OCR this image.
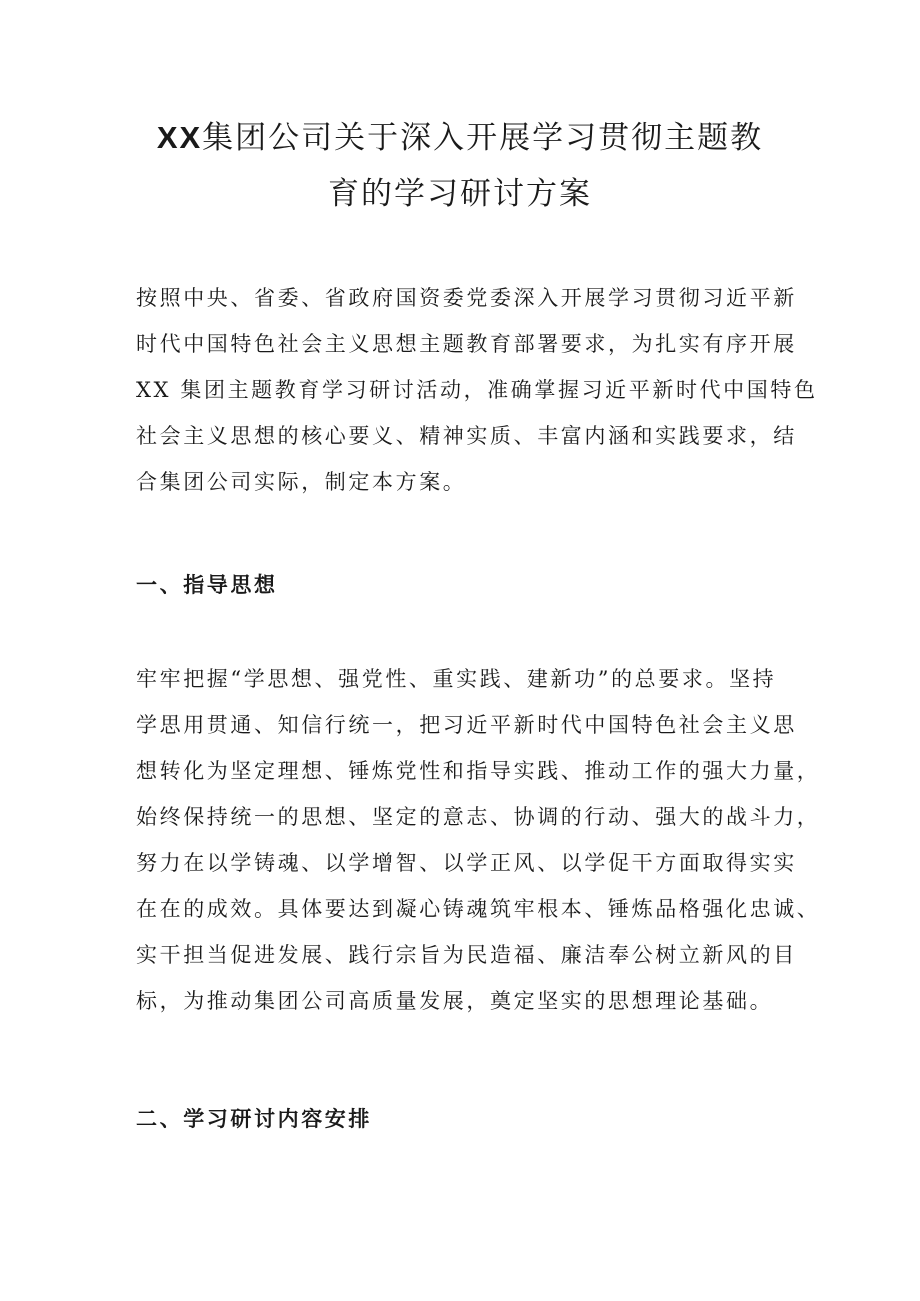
XX集团公司关于深入开展学习贯彻主题教
育的学习研讨方案

按照中央、省委、省政府国资委党委深入开展学习贯彻习近平新
时代中国特色社会主义思想主题教育部署要求，为扎实有序开展
XX 集团主题教育学习研讨活动，准确掌握习近平新时代中国特色
社会主义思想的核心要义、精神实质、丰富内涵和实践要求，结
合集团公司实际，制定本方案。

一、指导思想

牢牢把握“学思想、强党性、重实践、建新功”的总要求。坚持
学思用贯通、知信行统一，把习近平新时代中国特色社会主义思
想转化为坚定理想、锤炼党性和指导实践、推动工作的强大力量，
始终保持统一的思想、坚定的意志、协调的行动、强大的战斗力，
努力在以学铸魂、以学增智、以学正风、以学促干方面取得实实
在在的成效。具体要达到凝心铸魂筑牢根本、锤炼品格强化忠诚、
实干担当促进发展、践行宗旨为民造福、廉洁奉公树立新风的目
标，为推动集团公司高质量发展，奠定坚实的思想理论基础。

二、学习研讨内容安排
